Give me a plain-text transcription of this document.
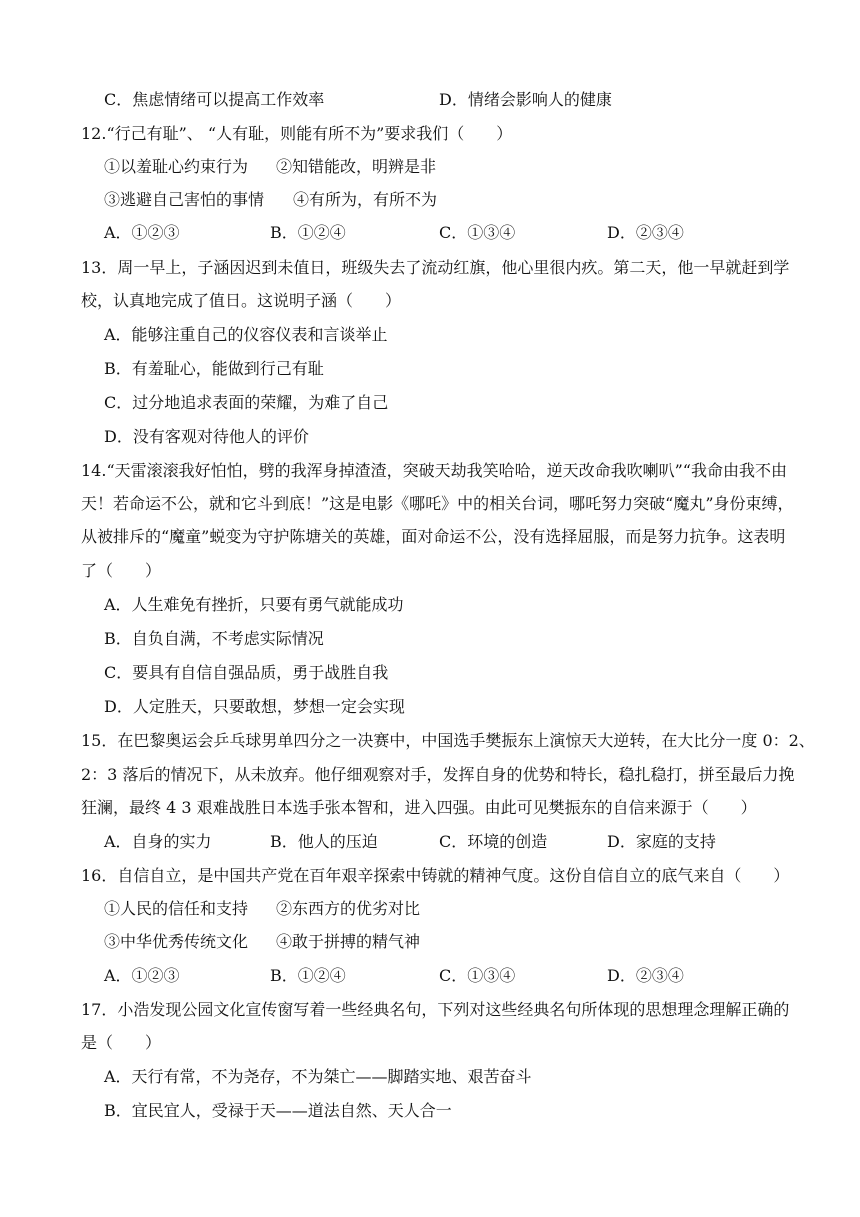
C．焦虑情绪可以提高工作效率	D．情绪会影响人的健康
12.“行己有耻”、 “人有耻，则能有所不为”要求我们（　　）
①以羞耻心约束行为 ②知错能改，明辨是非
③逃避自己害怕的事情 ④有所为，有所不为
A．①②③	B．①②④	C．①③④	D．②③④
13．周一早上，子涵因迟到未值日，班级失去了流动红旗，他心里很内疚。第二天，他一早就赶到学
校，认真地完成了值日。这说明子涵（　　）
A．能够注重自己的仪容仪表和言谈举止
B．有羞耻心，能做到行己有耻
C．过分地追求表面的荣耀，为难了自己
D．没有客观对待他人的评价
14.“天雷滚滚我好怕怕，劈的我浑身掉渣渣，突破天劫我笑哈哈，逆天改命我吹喇叭”“我命由我不由
天！若命运不公，就和它斗到底！”这是电影《哪吒》中的相关台词，哪吒努力突破“魔丸”身份束缚，
从被排斥的“魔童”蜕变为守护陈塘关的英雄，面对命运不公，没有选择屈服，而是努力抗争。这表明
了（　　）
A．人生难免有挫折，只要有勇气就能成功
B．自负自满，不考虑实际情况
C．要具有自信自强品质，勇于战胜自我
D．人定胜天，只要敢想，梦想一定会实现
15．在巴黎奥运会乒乓球男单四分之一决赛中，中国选手樊振东上演惊天大逆转，在大比分一度 0：2、
2：3 落后的情况下，从未放弃。他仔细观察对手，发挥自身的优势和特长，稳扎稳打，拼至最后力挽
狂澜，最终 4 3 艰难战胜日本选手张本智和，进入四强。由此可见樊振东的自信来源于（　　）
A．自身的实力	B．他人的压迫	C．环境的创造	D．家庭的支持
16．自信自立，是中国共产党在百年艰辛探索中铸就的精神气度。这份自信自立的底气来自（　　）
①人民的信任和支持 ②东西方的优劣对比
③中华优秀传统文化 ④敢于拼搏的精气神
A．①②③	B．①②④	C．①③④	D．②③④
17．小浩发现公园文化宣传窗写着一些经典名句，下列对这些经典名句所体现的思想理念理解正确的
是（　　）
A．天行有常，不为尧存，不为桀亡——脚踏实地、艰苦奋斗
B．宜民宜人，受禄于天——道法自然、天人合一
